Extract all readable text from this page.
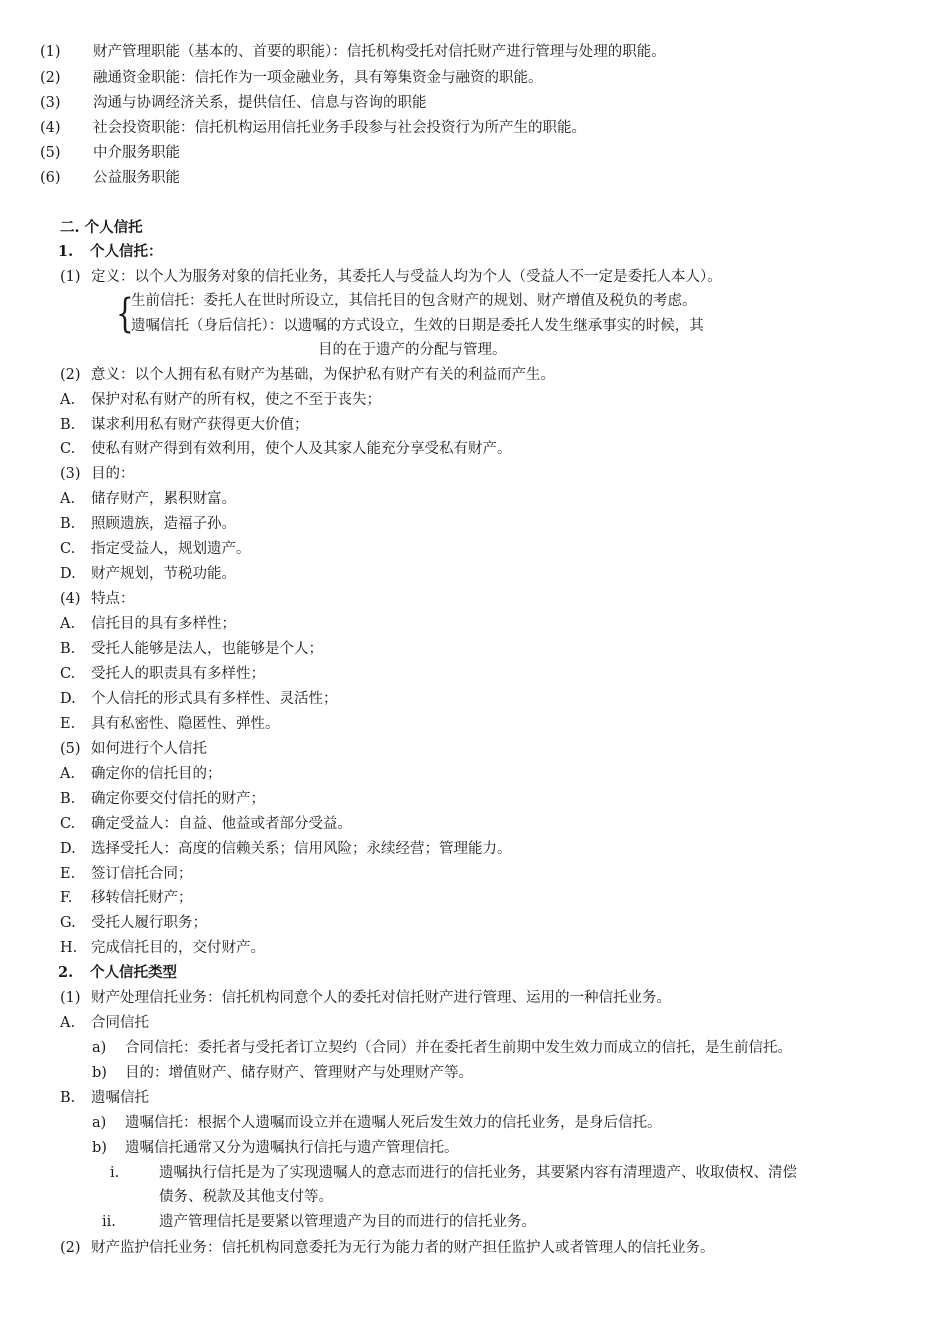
{
(1) 财产管理职能（基本的、首要的职能）：信托机构受托对信托财产进行管理与处理的职能。
(2) 融通资金职能：信托作为一项金融业务，具有筹集资金与融资的职能。
(3) 沟通与协调经济关系，提供信任、信息与咨询的职能
(4) 社会投资职能：信托机构运用信托业务手段参与社会投资行为所产生的职能。
(5) 中介服务职能
(6) 公益服务职能
二. 个人信托
1. 个人信托：
(1) 定义：以个人为服务对象的信托业务，其委托人与受益人均为个人（受益人不一定是委托人本人）。
生前信托：委托人在世时所设立，其信托目的包含财产的规划、财产增值及税负的考虑。
遗嘱信托（身后信托）：以遗嘱的方式设立，生效的日期是委托人发生继承事实的时候，其
目的在于遗产的分配与管理。
(2) 意义：以个人拥有私有财产为基础，为保护私有财产有关的利益而产生。
A. 保护对私有财产的所有权，使之不至于丧失；
B. 谋求利用私有财产获得更大价值；
C. 使私有财产得到有效利用，使个人及其家人能充分享受私有财产。
(3) 目的：
A. 储存财产，累积财富。
B. 照顾遗族，造福子孙。
C. 指定受益人，规划遗产。
D. 财产规划，节税功能。
(4) 特点：
A. 信托目的具有多样性；
B. 受托人能够是法人，也能够是个人；
C. 受托人的职责具有多样性；
D. 个人信托的形式具有多样性、灵活性；
E. 具有私密性、隐匿性、弹性。
(5) 如何进行个人信托
A. 确定你的信托目的；
B. 确定你要交付信托的财产；
C. 确定受益人：自益、他益或者部分受益。
D. 选择受托人：高度的信赖关系；信用风险；永续经营；管理能力。
E. 签订信托合同；
F. 移转信托财产；
G. 受托人履行职务；
H. 完成信托目的，交付财产。
2. 个人信托类型
(1) 财产处理信托业务：信托机构同意个人的委托对信托财产进行管理、运用的一种信托业务。
A. 合同信托
a) 合同信托：委托者与受托者订立契约（合同）并在委托者生前期中发生效力而成立的信托，是生前信托。
b) 目的：增值财产、储存财产、管理财产与处理财产等。
B. 遗嘱信托
a) 遗嘱信托：根据个人遗嘱而设立并在遗嘱人死后发生效力的信托业务，是身后信托。
b) 遗嘱信托通常又分为遗嘱执行信托与遗产管理信托。
i.	遗嘱执行信托是为了实现遗嘱人的意志而进行的信托业务，其要紧内容有清理遗产、收取债权、清偿
债务、税款及其他支付等。
ii.	遗产管理信托是要紧以管理遗产为目的而进行的信托业务。
(2) 财产监护信托业务：信托机构同意委托为无行为能力者的财产担任监护人或者管理人的信托业务。
